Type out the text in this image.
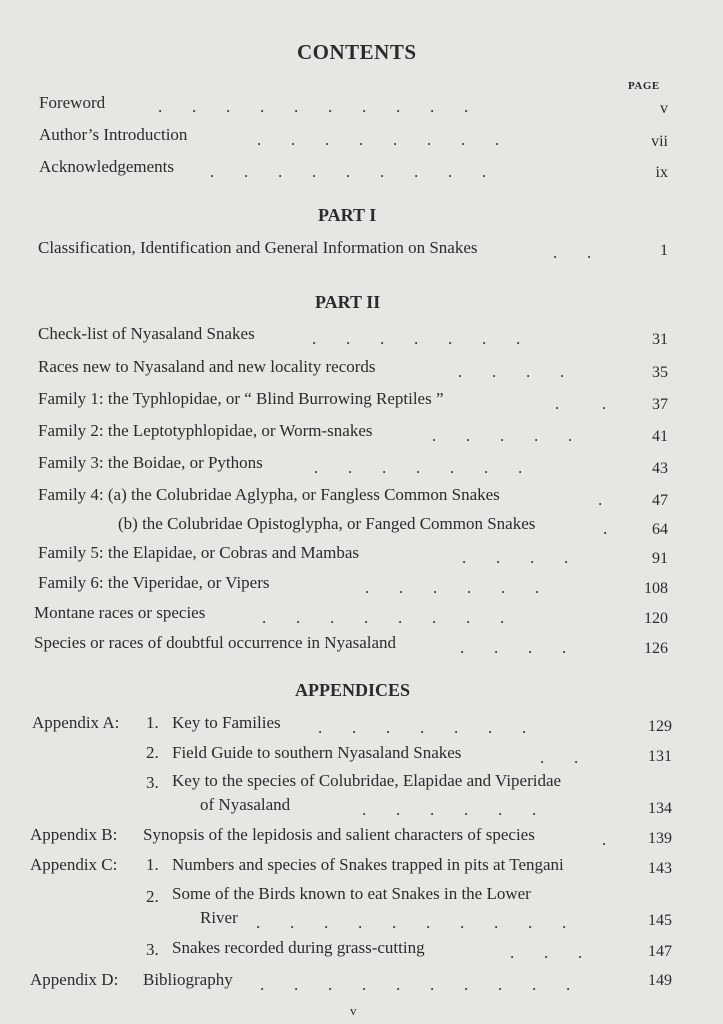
CONTENTS
PAGE
Foreword	.       .       .       .       .       .       .       .       .       .	v
Author’s Introduction	.       .       .       .       .       .       .       .	vii
Acknowledgements .       .       .       .       .       .       .       .       .	ix
PART I
Classification, Identification and General Information on Snakes	.       .	1
PART II
Check-list of Nyasaland Snakes	.       .       .       .       .       .       .	31
Races new to Nyasaland and new locality records	.       .       .       .	35
Family 1: the Typhlopidae, or “ Blind Burrowing Reptiles ”	.          .	37
Family 2: the Leptotyphlopidae, or Worm-snakes	.       .       .       .       .	41
Family 3: the Boidae, or Pythons	.       .       .       .       .       .       .	43
Family 4: (a) the Colubridae Aglypha, or Fangless Common Snakes	.	47
(b) the Colubridae Opistoglypha, or Fanged Common Snakes	.	64
Family 5: the Elapidae, or Cobras and Mambas	.       .       .       .	91
Family 6: the Viperidae, or Vipers	.       .       .       .       .       .	108
Montane races or species	.       .       .       .       .       .       .       .	120
Species or races of doubtful occurrence in Nyasaland	.       .       .       .	126
APPENDICES
Appendix A: 1. Key to Families .       .       .       .       .       .       .	129
2. Field Guide to southern Nyasaland Snakes	.       .	131
3. Key to the species of Colubridae, Elapidae and Viperidae
of Nyasaland	.       .       .       .       .       .	134
Appendix B: Synopsis of the lepidosis and salient characters of species	.	139
Appendix C: 1. Numbers and species of Snakes trapped in pits at Tengani	143
2. Some of the Birds known to eat Snakes in the Lower
River .       .       .       .       .       .       .       .       .       .	145
3. Snakes recorded during grass-cutting	.       .       .	147
Appendix D: Bibliography .       .       .       .       .       .       .       .       .       .	149
v
